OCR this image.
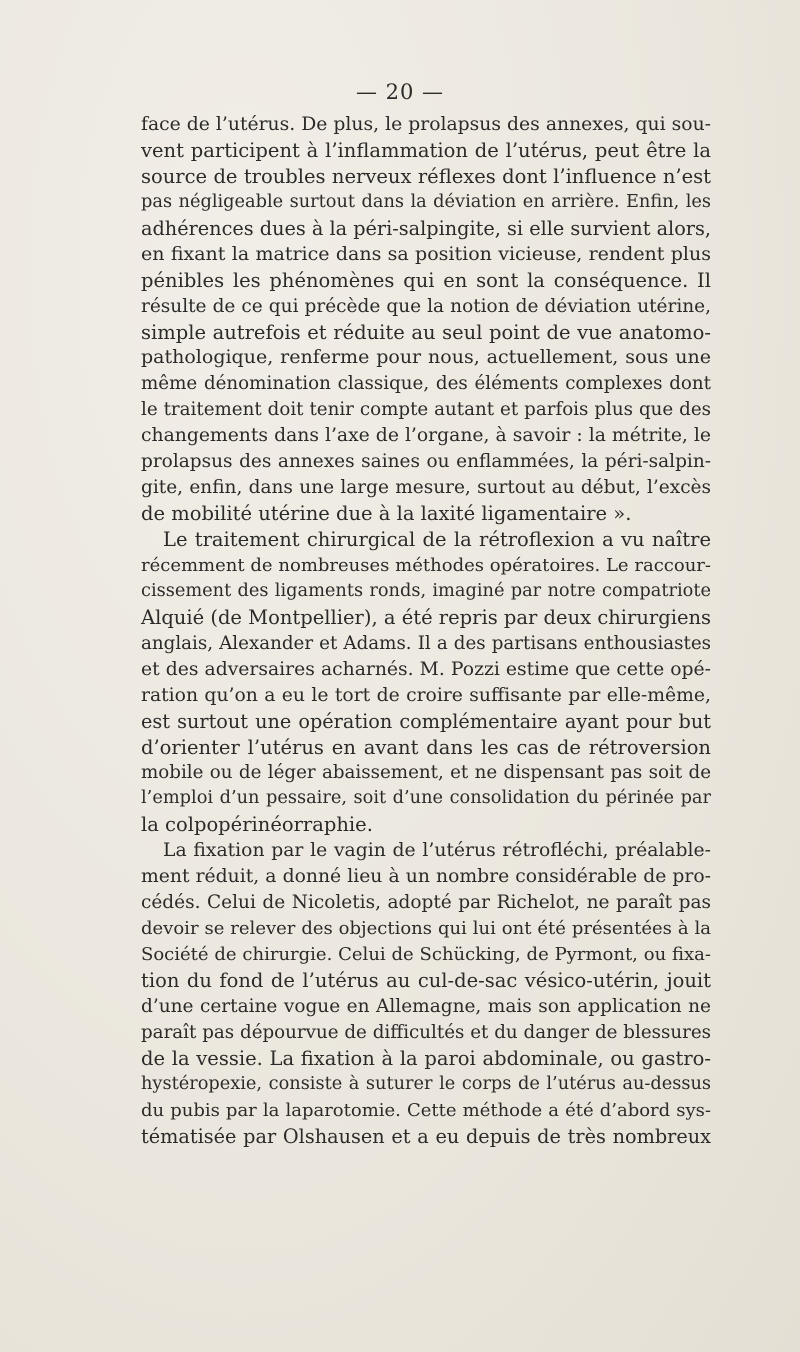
— 20 —
face de l’utérus. De plus, le prolapsus des annexes, qui sou-
vent participent à l’inflammation de l’utérus, peut être la
source de troubles nerveux réflexes dont l’influence n’est
pas négligeable surtout dans la déviation en arrière. Enfin, les
adhérences dues à la péri-salpingite, si elle survient alors,
en fixant la matrice dans sa position vicieuse, rendent plus
pénibles les phénomènes qui en sont la conséquence. Il
résulte de ce qui précède que la notion de déviation utérine,
simple autrefois et réduite au seul point de vue anatomo-
pathologique, renferme pour nous, actuellement, sous une
même dénomination classique, des éléments complexes dont
le traitement doit tenir compte autant et parfois plus que des
changements dans l’axe de l’organe, à savoir : la métrite, le
prolapsus des annexes saines ou enflammées, la péri-salpin-
gite, enfin, dans une large mesure, surtout au début, l’excès
de mobilité utérine due à la laxité ligamentaire ».
Le traitement chirurgical de la rétroflexion a vu naître
récemment de nombreuses méthodes opératoires. Le raccour-
cissement des ligaments ronds, imaginé par notre compatriote
Alquié (de Montpellier), a été repris par deux chirurgiens
anglais, Alexander et Adams. Il a des partisans enthousiastes
et des adversaires acharnés. M. Pozzi estime que cette opé-
ration qu’on a eu le tort de croire suffisante par elle-même,
est surtout une opération complémentaire ayant pour but
d’orienter l’utérus en avant dans les cas de rétroversion
mobile ou de léger abaissement, et ne dispensant pas soit de
l’emploi d’un pessaire, soit d’une consolidation du périnée par
la colpopérinéorraphie.
La fixation par le vagin de l’utérus rétrofléchi, préalable-
ment réduit, a donné lieu à un nombre considérable de pro-
cédés. Celui de Nicoletis, adopté par Richelot, ne paraît pas
devoir se relever des objections qui lui ont été présentées à la
Société de chirurgie. Celui de Schücking, de Pyrmont, ou fixa-
tion du fond de l’utérus au cul-de-sac vésico-utérin, jouit
d’une certaine vogue en Allemagne, mais son application ne
paraît pas dépourvue de difficultés et du danger de blessures
de la vessie. La fixation à la paroi abdominale, ou gastro-
hystéropexie, consiste à suturer le corps de l’utérus au-dessus
du pubis par la laparotomie. Cette méthode a été d’abord sys-
tématisée par Olshausen et a eu depuis de très nombreux
